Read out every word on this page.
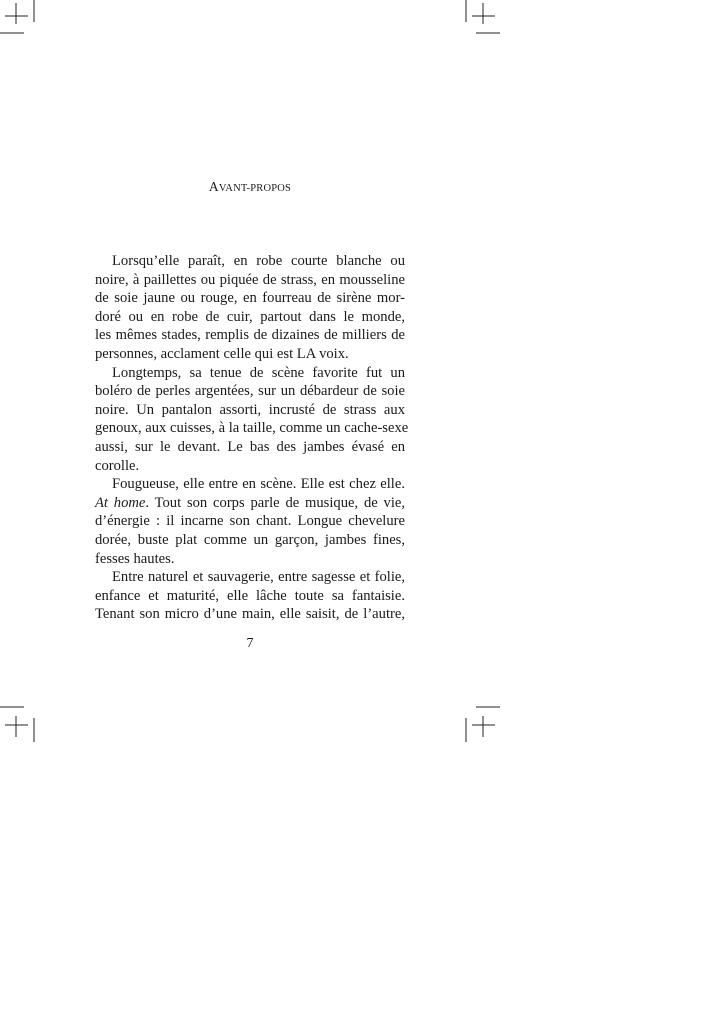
AVANT-PROPOS
Lorsqu’elle paraît, en robe courte blanche ou
noire, à paillettes ou piquée de strass, en mousseline
de soie jaune ou rouge, en fourreau de sirène mor-
doré ou en robe de cuir, partout dans le monde,
les mêmes stades, remplis de dizaines de milliers de
personnes, acclament celle qui est LA voix.
Longtemps, sa tenue de scène favorite fut un
boléro de perles argentées, sur un débardeur de soie
noire. Un pantalon assorti, incrusté de strass aux
genoux, aux cuisses, à la taille, comme un cache-sexe
aussi, sur le devant. Le bas des jambes évasé en
corolle.
Fougueuse, elle entre en scène. Elle est chez elle.
At home. Tout son corps parle de musique, de vie,
d’énergie : il incarne son chant. Longue chevelure
dorée, buste plat comme un garçon, jambes fines,
fesses hautes.
Entre naturel et sauvagerie, entre sagesse et folie,
enfance et maturité, elle lâche toute sa fantaisie.
Tenant son micro d’une main, elle saisit, de l’autre,
7
